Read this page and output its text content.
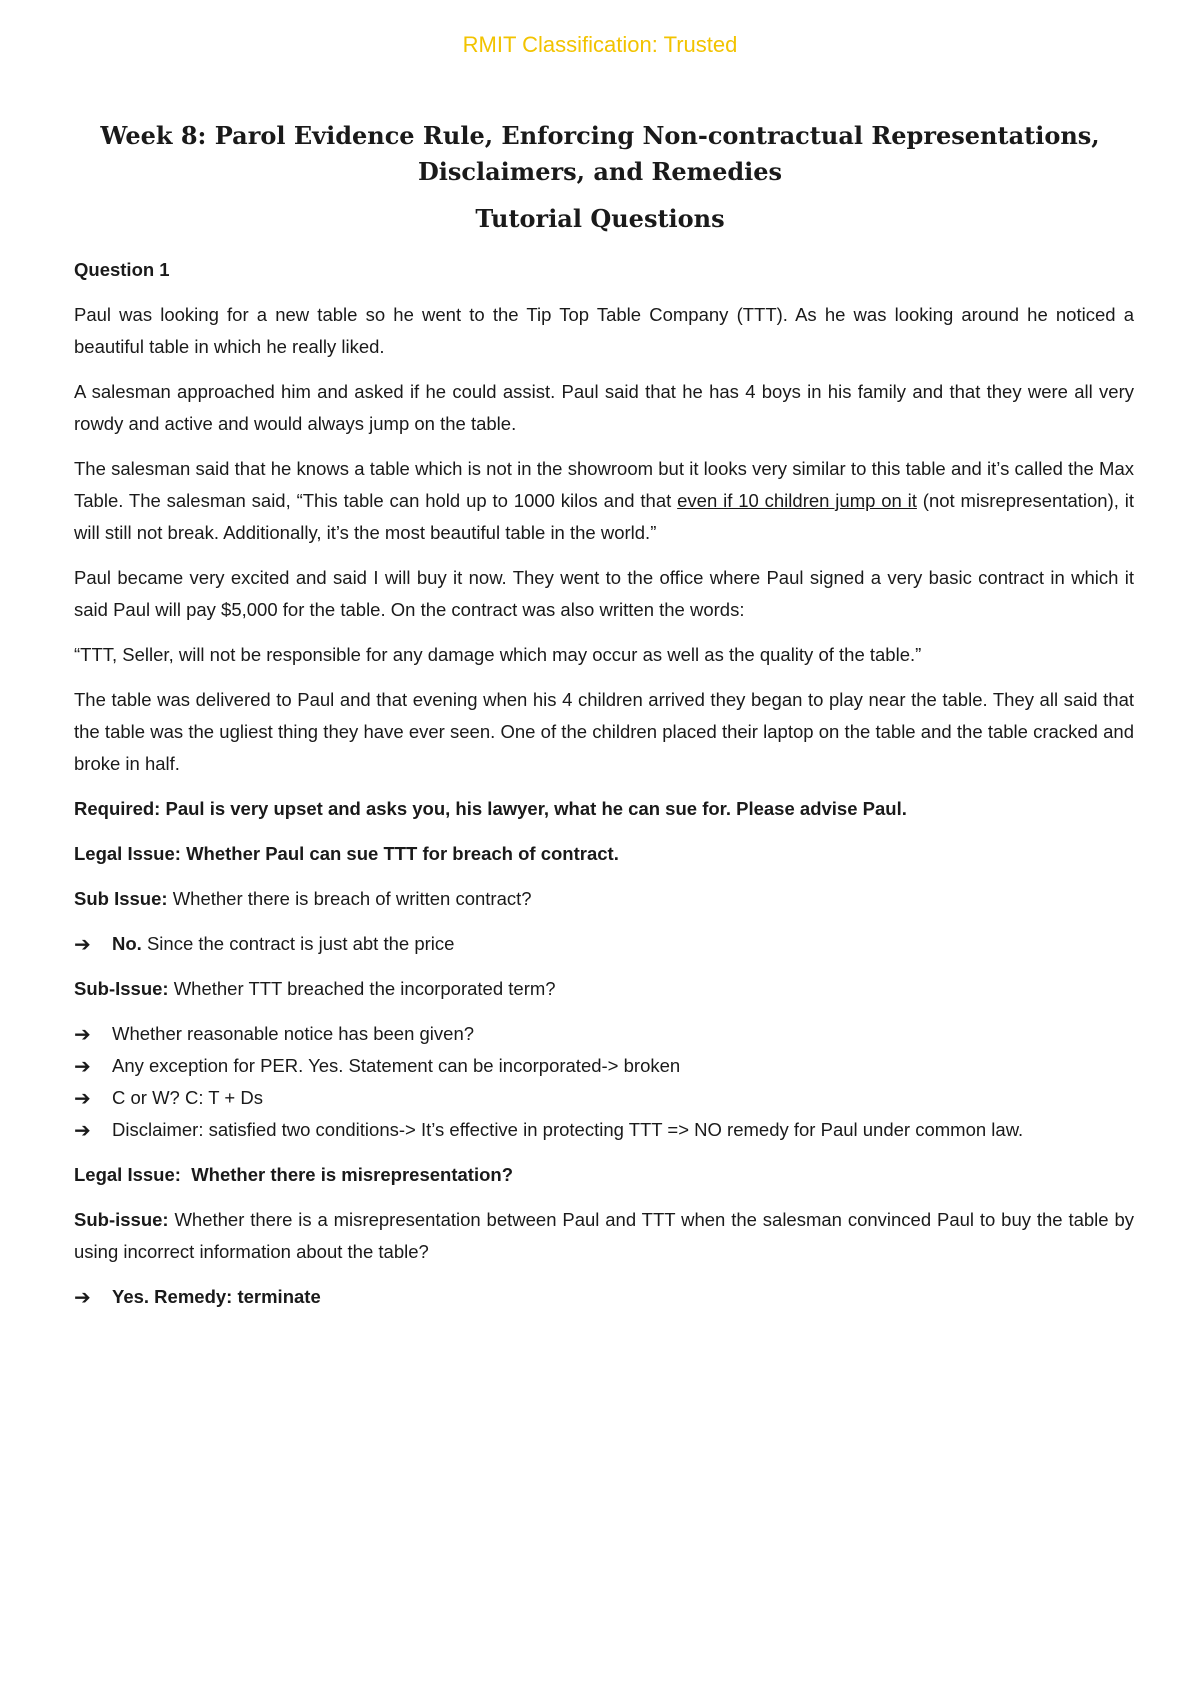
RMIT Classification: Trusted
Week 8: Parol Evidence Rule, Enforcing Non-contractual Representations,
Disclaimers, and Remedies
Tutorial Questions

Question 1

Paul was looking for a new table so he went to the Tip Top Table Company (TTT). As he was looking around he noticed a beautiful table in which he really liked.

A salesman approached him and asked if he could assist. Paul said that he has 4 boys in his family and that they were all very rowdy and active and would always jump on the table.

The salesman said that he knows a table which is not in the showroom but it looks very similar to this table and it’s called the Max Table. The salesman said, “This table can hold up to 1000 kilos and that even if 10 children jump on it (not misrepresentation), it will still not break. Additionally, it’s the most beautiful table in the world.”

Paul became very excited and said I will buy it now. They went to the office where Paul signed a very basic contract in which it said Paul will pay $5,000 for the table. On the contract was also written the words:

“TTT, Seller, will not be responsible for any damage which may occur as well as the quality of the table.”

The table was delivered to Paul and that evening when his 4 children arrived they began to play near the table. They all said that the table was the ugliest thing they have ever seen. One of the children placed their laptop on the table and the table cracked and broke in half.

Required: Paul is very upset and asks you, his lawyer, what he can sue for. Please advise Paul.

Legal Issue: Whether Paul can sue TTT for breach of contract.

Sub Issue: Whether there is breach of written contract?

➔	No. Since the contract is just abt the price

Sub-Issue: Whether TTT breached the incorporated term?

➔	Whether reasonable notice has been given?
➔	Any exception for PER. Yes. Statement can be incorporated-> broken
➔	C or W? C: T + Ds
➔	Disclaimer: satisfied two conditions-> It’s effective in protecting TTT => NO remedy for Paul under common law.

Legal Issue:  Whether there is misrepresentation?

Sub-issue: Whether there is a misrepresentation between Paul and TTT when the salesman convinced Paul to buy the table by using incorrect information about the table?

➔	Yes. Remedy: terminate
